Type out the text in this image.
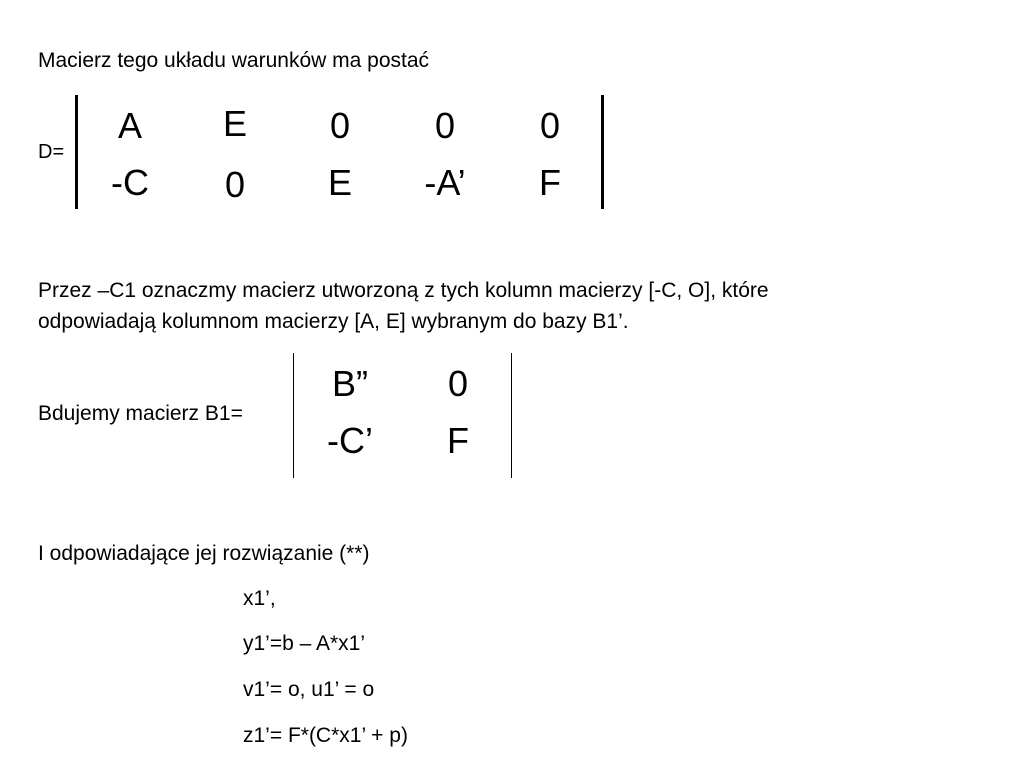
Macierz tego układu warunków ma postać
D=
A	E	0	0	0
-C	0	E	-A’	F
Przez –C1 oznaczmy macierz utworzoną z tych kolumn macierzy [-C, O], które
odpowiadają kolumnom macierzy [A, E] wybranym do bazy B1’.
Bdujemy macierz B1=
B”	0
-C’	F
I odpowiadające jej rozwiązanie (**)
x1’,
y1’=b – A*x1’
v1’= o, u1’ = o
z1’= F*(C*x1’ + p)
